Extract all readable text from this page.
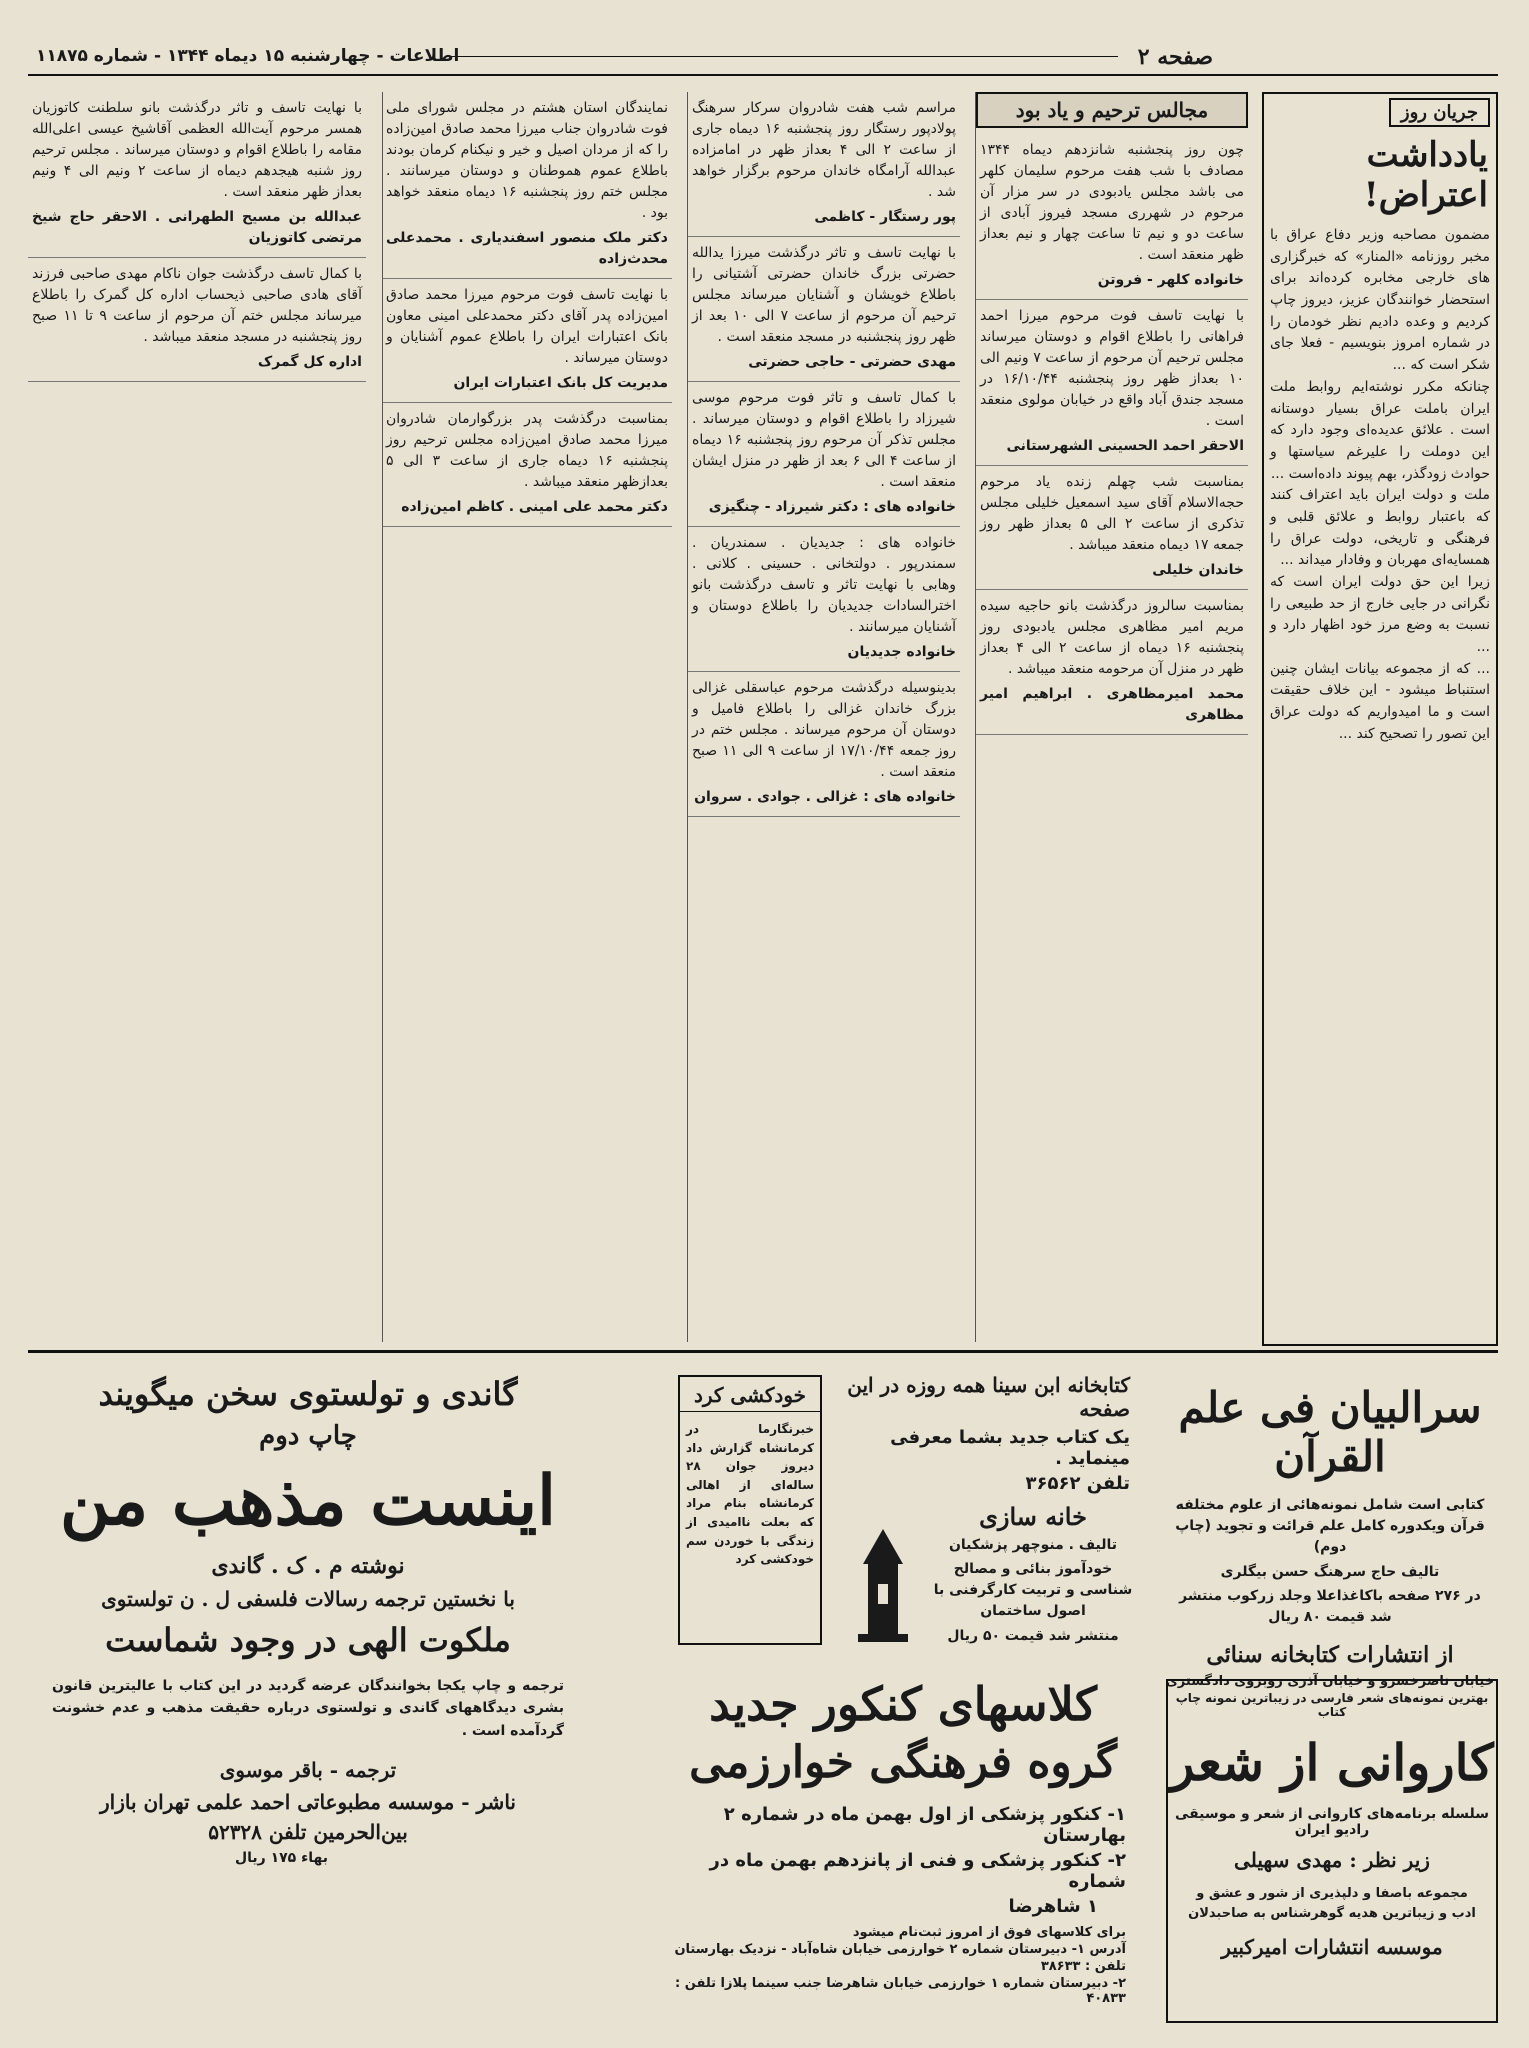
صفحه ۲
اطلاعات - چهارشنبه ۱۵ دیماه ۱۳۴۴ - شماره ۱۱۸۷۵
جریان روز
یادداشت اعتراض!

مضمون مصاحبه وزیر دفاع عراق با مخبر روزنامه «المنار» که خبرگزاری های خارجی مخابره کرده‌اند برای استحضار خوانندگان عزیز، دیروز چاپ کردیم و وعده دادیم نظر خودمان را در شماره امروز بنویسیم - فعلا جای شکر است که ...

چنانکه مکرر نوشته‌ایم روابط ملت ایران باملت عراق بسیار دوستانه است . علائق عدیده‌ای وجود دارد که این دوملت را علیرغم سیاستها و حوادث زودگذر، بهم پیوند داده‌است ...

ملت و دولت ایران باید اعتراف کنند که باعتبار روابط و علائق قلبی و فرهنگی و تاریخی، دولت عراق را همسایه‌ای مهربان و وفادار میداند ...

زیرا این حق دولت ایران است که نگرانی در جایی خارج از حد طبیعی را نسبت به وضع مرز خود اظهار دارد و ...

... که از مجموعه بیانات ایشان چنین استنباط میشود - این خلاف حقیقت است و ما امیدواریم که دولت عراق این تصور را تصحیح کند ...

مجالس ترحیم و یاد بود
چون روز پنجشنبه شانزدهم دیماه ۱۳۴۴ مصادف با شب هفت مرحوم سلیمان کلهر می باشد مجلس یادبودی در سر مزار آن مرحوم در شهرری مسجد فیروز آبادی از ساعت دو و نیم تا ساعت چهار و نیم بعداز ظهر منعقد است .
خانواده کلهر - فروتن
با نهایت تاسف فوت مرحوم میرزا احمد فراهانی را باطلاع اقوام و دوستان میرساند مجلس ترحیم آن مرحوم از ساعت ۷ ونیم الی ۱۰ بعداز ظهر روز پنجشنبه ۱۶/۱۰/۴۴ در مسجد جندق آباد واقع در خیابان مولوی منعقد است .
الاحقر احمد الحسینی الشهرستانی
بمناسبت شب چهلم زنده یاد مرحوم حجه‌الاسلام آقای سید اسمعیل خلیلی مجلس تذکری از ساعت ۲ الی ۵ بعداز ظهر روز جمعه ۱۷ دیماه منعقد میباشد .
خاندان خلیلی
بمناسبت سالروز درگذشت بانو حاجیه سیده مریم امیر مظاهری مجلس یادبودی روز پنجشنبه ۱۶ دیماه از ساعت ۲ الی ۴ بعداز ظهر در منزل آن مرحومه منعقد میباشد .
محمد امیرمظاهری . ابراهیم امیر مظاهری
مراسم شب هفت شادروان سرکار سرهنگ پولادپور رستگار روز پنجشنبه ۱۶ دیماه جاری از ساعت ۲ الی ۴ بعداز ظهر در امامزاده عبدالله آرامگاه خاندان مرحوم برگزار خواهد شد .
پور رستگار - کاظمی
با نهایت تاسف و تاثر درگذشت میرزا یدالله حضرتی بزرگ خاندان حضرتی آشتیانی را باطلاع خویشان و آشنایان میرساند مجلس ترحیم آن مرحوم از ساعت ۷ الی ۱۰ بعد از ظهر روز پنجشنبه در مسجد منعقد است .
مهدی حضرتی - حاجی حضرتی
با کمال تاسف و تاثر فوت مرحوم موسی شیرزاد را باطلاع اقوام و دوستان میرساند . مجلس تذکر آن مرحوم روز پنجشنبه ۱۶ دیماه از ساعت ۴ الی ۶ بعد از ظهر در منزل ایشان منعقد است .
خانواده های : دکتر شیرزاد - چنگیزی
خانواده های : جدیدیان . سمندریان . سمندرپور . دولتخانی . حسینی . کلانی . وهابی با نهایت تاثر و تاسف درگذشت بانو اخترالسادات جدیدیان را باطلاع دوستان و آشنایان میرسانند .
خانواده جدیدیان
بدینوسیله درگذشت مرحوم عباسقلی غزالی بزرگ خاندان غزالی را باطلاع فامیل و دوستان آن مرحوم میرساند . مجلس ختم در روز جمعه ۱۷/۱۰/۴۴ از ساعت ۹ الی ۱۱ صبح منعقد است .
خانواده های : غزالی . جوادی . سروان
نمایندگان استان هشتم در مجلس شورای ملی فوت شادروان جناب میرزا محمد صادق امین‌زاده را که از مردان اصیل و خیر و نیکنام کرمان بودند باطلاع عموم هموطنان و دوستان میرسانند . مجلس ختم روز پنجشنبه ۱۶ دیماه منعقد خواهد بود .
دکتر ملک منصور اسفندیاری . محمدعلی محدث‌زاده
با نهایت تاسف فوت مرحوم میرزا محمد صادق امین‌زاده پدر آقای دکتر محمدعلی امینی معاون بانک اعتبارات ایران را باطلاع عموم آشنایان و دوستان میرساند .
مدیریت کل بانک اعتبارات ایران
بمناسبت درگذشت پدر بزرگوارمان شادروان میرزا محمد صادق امین‌زاده مجلس ترحیم روز پنجشنبه ۱۶ دیماه جاری از ساعت ۳ الی ۵ بعدازظهر منعقد میباشد .
دکتر محمد علی امینی . کاظم امین‌زاده
با نهایت تاسف و تاثر درگذشت بانو سلطنت کاتوزیان همسر مرحوم آیت‌الله العظمی آقاشیخ عیسی اعلی‌الله مقامه را باطلاع اقوام و دوستان میرساند . مجلس ترحیم روز شنبه هیجدهم دیماه از ساعت ۲ ونیم الی ۴ ونیم بعداز ظهر منعقد است .
عبدالله بن مسیح الطهرانی . الاحقر حاج شیخ مرتضی کاتوزیان
با کمال تاسف درگذشت جوان ناکام مهدی صاحبی فرزند آقای هادی صاحبی ذیحساب اداره کل گمرک را باطلاع میرساند مجلس ختم آن مرحوم از ساعت ۹ تا ۱۱ صبح روز پنجشنبه در مسجد منعقد میباشد .
اداره کل گمرک
سرالبیان فی علم القرآن
کتابی است شامل نمونه‌هائی از علوم مختلفه قرآن ویکدوره کامل علم قرائت و تجوید (چاپ دوم)
تالیف حاج سرهنگ حسن بیگلری
در ۲۷۶ صفحه باکاغذاعلا وجلد زرکوب منتشر شد قیمت ۸۰ ریال
از انتشارات کتابخانه سنائی
خیابان ناصرخسرو و خیابان آذری روبروی دادگستری
بهترین نمونه‌های شعر فارسی در زیباترین نمونه چاپ کتاب
کاروانی از شعر
سلسله برنامه‌های کاروانی از شعر و موسیقی رادیو ایران
زیر نظر : مهدی سهیلی
مجموعه باصفا و دلپذیری از شور و عشق و ادب و زیباترین هدیه گوهرشناس به صاحبدلان
موسسه انتشارات امیرکبیر
کتابخانه ابن سینا همه روزه در این صفحه
یک کتاب جدید بشما معرفی مینماید .
تلفن ۳۶۵۶۲
خانه سازی
تالیف . منوچهر پزشکیان
خودآموز بنائی و مصالح شناسی و تربیت کارگرفنی با اصول ساختمان
منتشر شد قیمت ۵۰ ریال
خودکشی کرد
خبرنگارما در کرمانشاه گزارش داد دیروز جوان ۲۸ ساله‌ای از اهالی کرمانشاه بنام مراد که بعلت ناامیدی از زندگی با خوردن سم خودکشی کرد
کلاسهای کنکور جدید
گروه فرهنگی خوارزمی
۱- کنکور پزشکی از اول بهمن ماه در شماره ۲ بهارستان
۲- کنکور پزشکی و فنی از پانزدهم بهمن ماه در شماره
۱ شاهرضا
برای کلاسهای فوق از امروز ثبت‌نام میشود
آدرس ۱- دبیرستان شماره ۲ خوارزمی خیابان شاه‌آباد - نزدیک بهارستان
تلفن : ۳۸۶۳۳
۲- دبیرستان شماره ۱ خوارزمی خیابان شاهرضا جنب سینما پلازا تلفن : ۴۰۸۳۳
گاندی و تولستوی سخن میگویند
چاپ دوم
اینست مذهب من
نوشته م . ک . گاندی
با نخستین ترجمه رسالات فلسفی ل . ن تولستوی
ملکوت الهی در وجود شماست
ترجمه و چاپ یکجا بخوانندگان عرضه گردید در این کتاب با عالیترین قانون بشری دیدگاههای گاندی و تولستوی درباره حقیقت مذهب و عدم خشونت گردآمده است .
ترجمه - باقر موسوی
ناشر - موسسه مطبوعاتی احمد علمی تهران بازار
بین‌الحرمین تلفن ۵۲۳۲۸
بهاء ۱۷۵ ریال
